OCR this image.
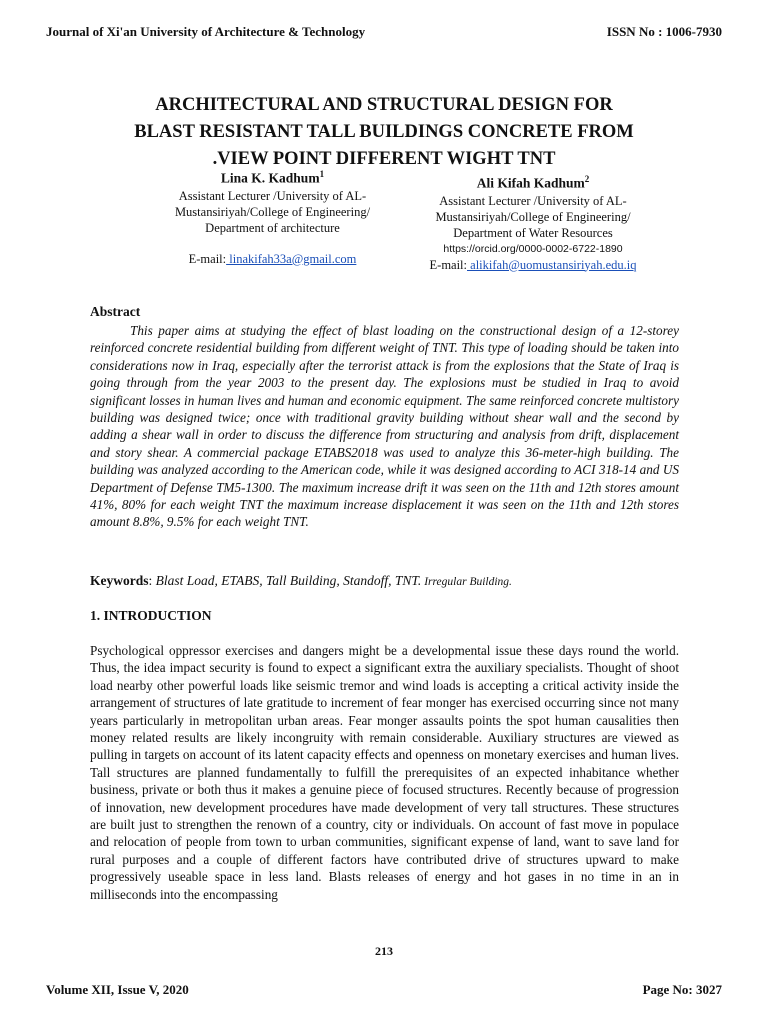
Journal of Xi'an University of Architecture & Technology	ISSN No : 1006-7930
ARCHITECTURAL AND STRUCTURAL DESIGN FOR
BLAST RESISTANT TALL BUILDINGS CONCRETE FROM
.VIEW POINT DIFFERENT WIGHT TNT
Lina K. Kadhum$^1$
Assistant Lecturer /University of AL-
Mustansiriyah/College of Engineering/
Department of architecture
E-mail: linakifah33a@gmail.com
Ali Kifah Kadhum$^2$
Assistant Lecturer /University of AL-
Mustansiriyah/College of Engineering/
Department of Water Resources
https://orcid.org/0000-0002-6722-1890
E-mail: alikifah@uomustansiriyah.edu.iq
Abstract
This paper aims at studying the effect of blast loading on the constructional design of a 12-storey reinforced concrete residential building from different weight of TNT. This type of loading should be taken into considerations now in Iraq, especially after the terrorist attack is from the explosions that the State of Iraq is going through from the year 2003 to the present day. The explosions must be studied in Iraq to avoid significant losses in human lives and human and economic equipment. The same reinforced concrete multistory building was designed twice; once with traditional gravity building without shear wall and the second by adding a shear wall in order to discuss the difference from structuring and analysis from drift, displacement and story shear. A commercial package ETABS2018 was used to analyze this 36-meter-high building. The building was analyzed according to the American code, while it was designed according to ACI 318-14 and US Department of Defense TM5-1300. The maximum increase drift it was seen on the 11th and 12th stores amount 41%, 80% for each weight TNT the maximum increase displacement it was seen on the 11th and 12th stores amount 8.8%, 9.5% for each weight TNT.
Keywords: Blast Load, ETABS, Tall Building, Standoff, TNT. Irregular Building.
1. INTRODUCTION
Psychological oppressor exercises and dangers might be a developmental issue these days round the world. Thus, the idea impact security is found to expect a significant extra the auxiliary specialists. Thought of shoot load nearby other powerful loads like seismic tremor and wind loads is accepting a critical activity inside the arrangement of structures of late gratitude to increment of fear monger has exercised occurring since not many years particularly in metropolitan urban areas. Fear monger assaults points the spot human causalities then money related results are likely incongruity with remain considerable. Auxiliary structures are viewed as pulling in targets on account of its latent capacity effects and openness on monetary exercises and human lives. Tall structures are planned fundamentally to fulfill the prerequisites of an expected inhabitance whether business, private or both thus it makes a genuine piece of focused structures. Recently because of progression of innovation, new development procedures have made development of very tall structures. These structures are built just to strengthen the renown of a country, city or individuals. On account of fast move in populace and relocation of people from town to urban communities, significant expense of land, want to save land for rural purposes and a couple of different factors have contributed drive of structures upward to make progressively useable space in less land. Blasts releases of energy and hot gases in no time in an in milliseconds into the encompassing
213
Volume XII, Issue V, 2020	Page No: 3027
